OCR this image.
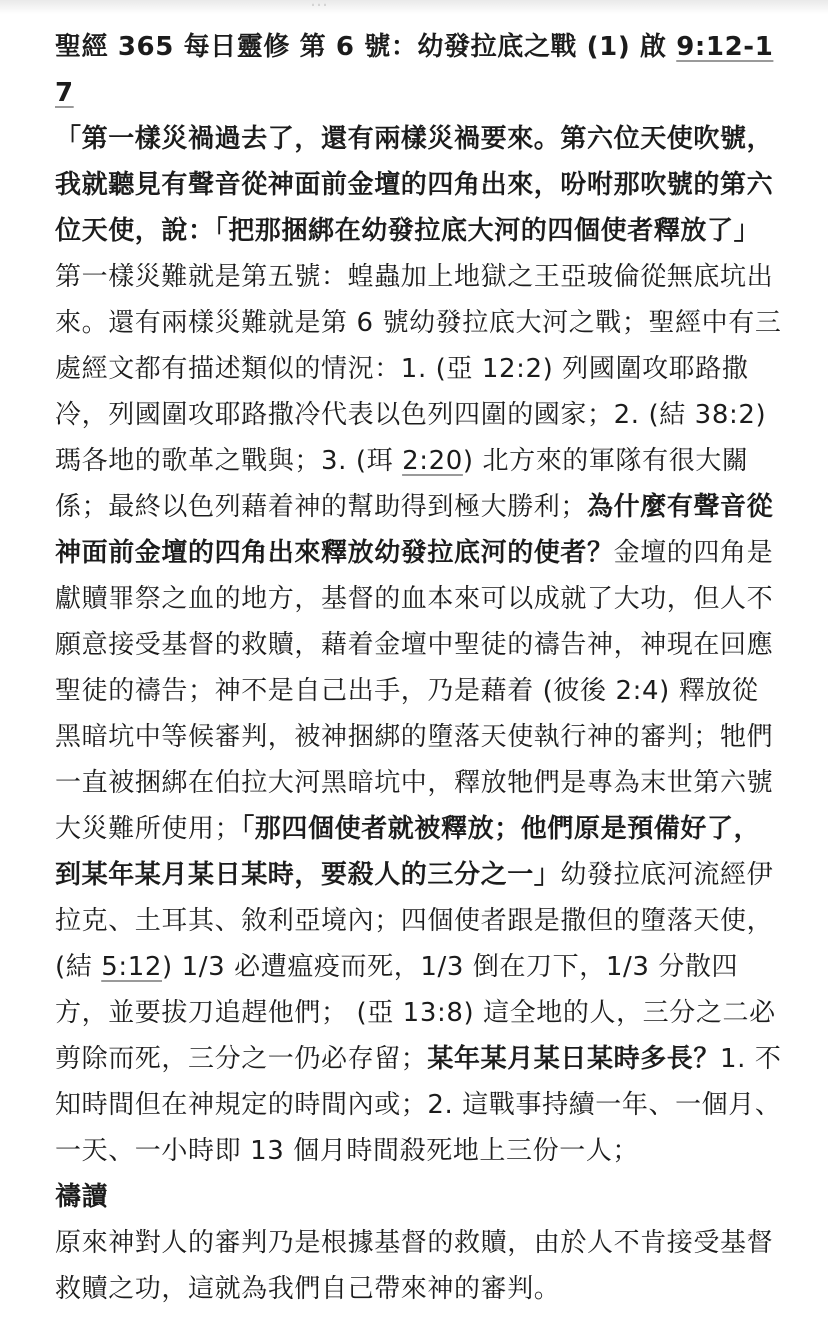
…

聖經 365 每日靈修 第 6 號：幼發拉底之戰 (1) 啟 9:12-17

「第一樣災禍過去了，還有兩樣災禍要來。第六位天使吹號，我就聽見有聲音從神面前金壇的四角出來，吩咐那吹號的第六位天使，說：「把那捆綁在幼發拉底大河的四個使者釋放了」第一樣災難就是第五號：蝗蟲加上地獄之王亞玻倫從無底坑出來。還有兩樣災難就是第 6 號幼發拉底大河之戰；聖經中有三處經文都有描述類似的情況：1. (亞 12:2) 列國圍攻耶路撒冷，列國圍攻耶路撒冷代表以色列四圍的國家；2. (結 38:2) 瑪各地的歌革之戰與；3. (珥 2:20) 北方來的軍隊有很大關係；最終以色列藉着神的幫助得到極大勝利；為什麼有聲音從神面前金壇的四角出來釋放幼發拉底河的使者？金壇的四角是獻贖罪祭之血的地方，基督的血本來可以成就了大功，但人不願意接受基督的救贖，藉着金壇中聖徒的禱告神，神現在回應聖徒的禱告；神不是自己出手，乃是藉着 (彼後 2:4) 釋放從黑暗坑中等候審判，被神捆綁的墮落天使執行神的審判；牠們一直被捆綁在伯拉大河黑暗坑中，釋放牠們是專為末世第六號大災難所使用；「那四個使者就被釋放；他們原是預備好了，到某年某月某日某時，要殺人的三分之一」幼發拉底河流經伊拉克、土耳其、敘利亞境內；四個使者跟是撒但的墮落天使， (結 5:12) 1/3 必遭瘟疫而死，1/3 倒在刀下，1/3 分散四方，並要拔刀追趕他們； (亞 13:8) 這全地的人，三分之二必剪除而死，三分之一仍必存留；某年某月某日某時多長？1. 不知時間但在神規定的時間內或；2. 這戰事持續一年、一個月、一天、一小時即 13 個月時間殺死地上三份一人；

禱讀

原來神對人的審判乃是根據基督的救贖，由於人不肯接受基督救贖之功，這就為我們自己帶來神的審判。
